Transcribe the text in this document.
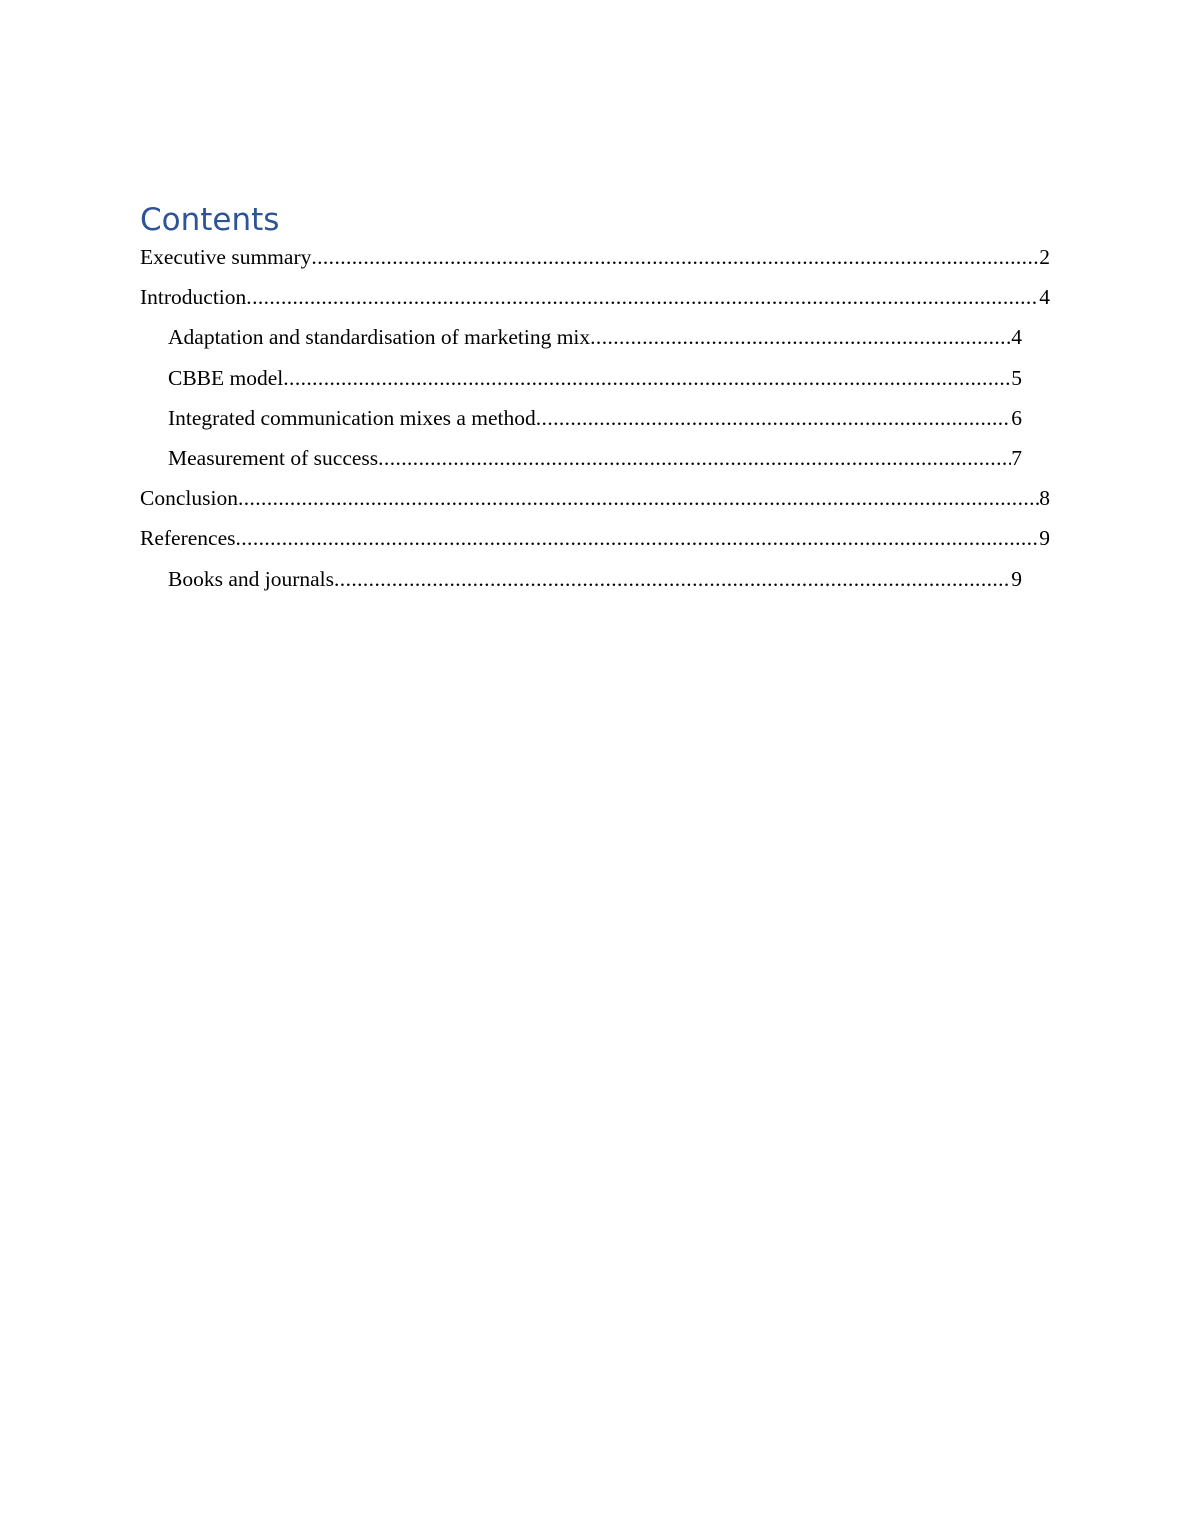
Contents
Executive summary .....	2
Introduction .....	4
Adaptation and standardisation of marketing mix .....	4
CBBE model .....	5
Integrated communication mixes a method .....	6
Measurement of success .....	7
Conclusion .....	8
References .....	9
Books and journals .....	9
